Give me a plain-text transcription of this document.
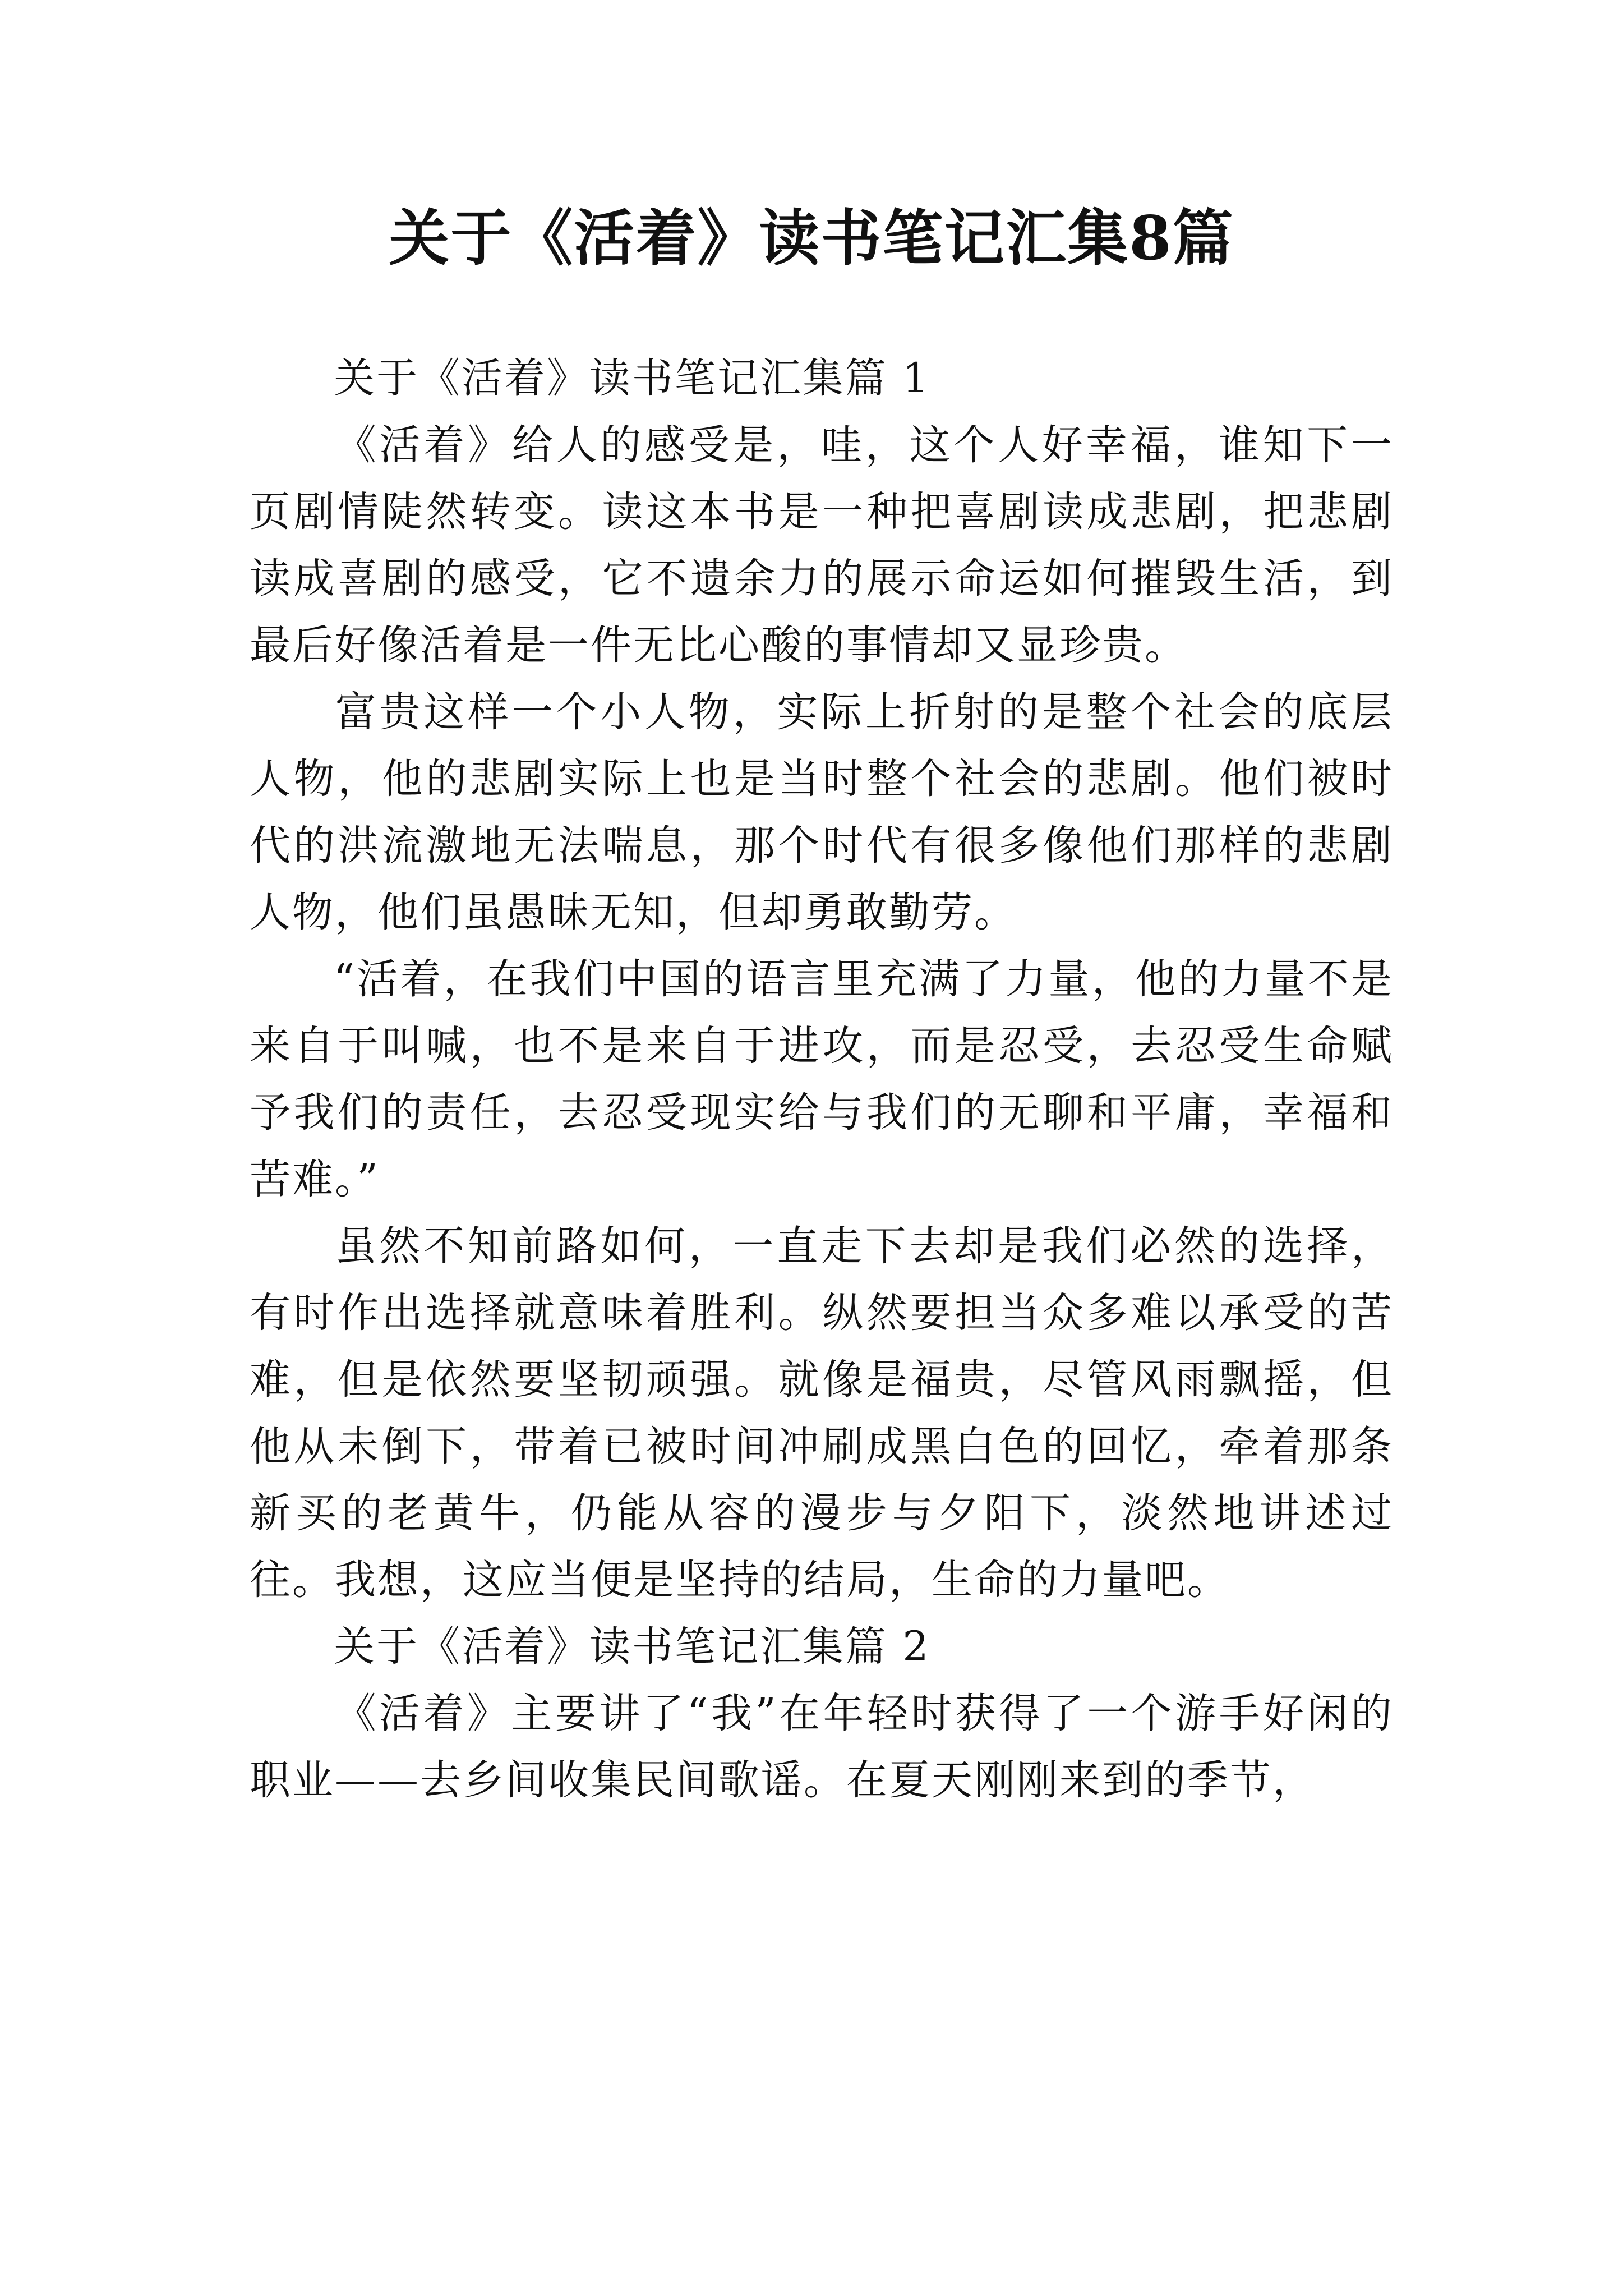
关于《活着》读书笔记汇集8篇

关于《活着》读书笔记汇集篇 1

《活着》给人的感受是，哇，这个人好幸福，谁知下一页剧情陡然转变。读这本书是一种把喜剧读成悲剧，把悲剧读成喜剧的感受，它不遗余力的展示命运如何摧毁生活，到最后好像活着是一件无比心酸的事情却又显珍贵。

富贵这样一个小人物，实际上折射的是整个社会的底层人物，他的悲剧实际上也是当时整个社会的悲剧。他们被时代的洪流激地无法喘息，那个时代有很多像他们那样的悲剧人物，他们虽愚昧无知，但却勇敢勤劳。

“活着，在我们中国的语言里充满了力量，他的力量不是来自于叫喊，也不是来自于进攻，而是忍受，去忍受生命赋予我们的责任，去忍受现实给与我们的无聊和平庸，幸福和苦难。”

虽然不知前路如何，一直走下去却是我们必然的选择，有时作出选择就意味着胜利。纵然要担当众多难以承受的苦难，但是依然要坚韧顽强。就像是福贵，尽管风雨飘摇，但他从未倒下，带着已被时间冲刷成黑白色的回忆，牵着那条新买的老黄牛，仍能从容的漫步与夕阳下，淡然地讲述过往。我想，这应当便是坚持的结局，生命的力量吧。

关于《活着》读书笔记汇集篇 2

《活着》主要讲了“我”在年轻时获得了一个游手好闲的职业——去乡间收集民间歌谣。在夏天刚刚来到的季节，
